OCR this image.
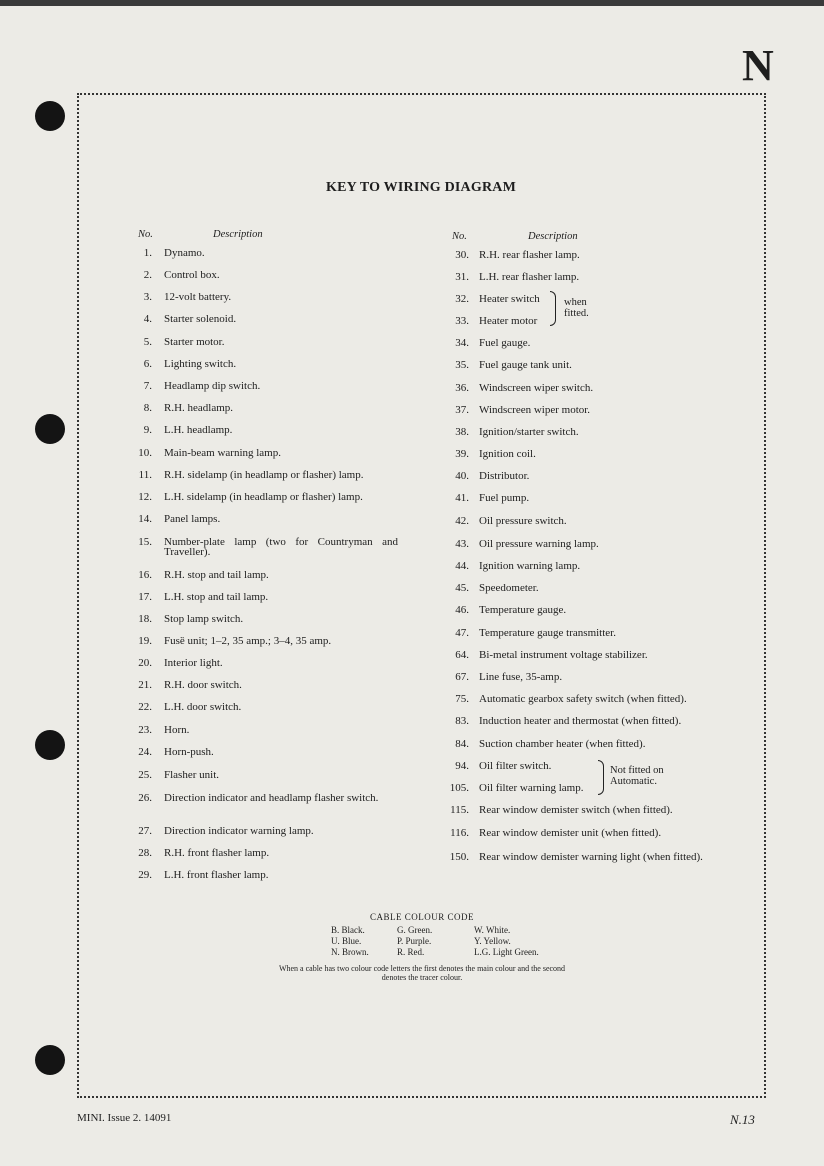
N
KEY TO WIRING DIAGRAM
No.	Description	No.	Description
1. Dynamo.
2. Control box.
3. 12-volt battery.
4. Starter solenoid.
5. Starter motor.
6. Lighting switch.
7. Headlamp dip switch.
8. R.H. headlamp.
9. L.H. headlamp.
10. Main-beam warning lamp.
11. R.H. sidelamp (in headlamp or flasher) lamp.
12. L.H. sidelamp (in headlamp or flasher) lamp.
14. Panel lamps.
15. Number-plate lamp (two for Countryman and Traveller).
16. R.H. stop and tail lamp.
17. L.H. stop and tail lamp.
18. Stop lamp switch.
19. Fusȅ unit; 1–2, 35 amp.; 3–4, 35 amp.
20. Interior light.
21. R.H. door switch.
22. L.H. door switch.
23. Horn.
24. Horn-push.
25. Flasher unit.
26. Direction indicator and headlamp flasher switch.
27. Direction indicator warning lamp.
28. R.H. front flasher lamp.
29. L.H. front flasher lamp.
30. R.H. rear flasher lamp.
31. L.H. rear flasher lamp.
32. Heater switch
33. Heater motor
34. Fuel gauge.
35. Fuel gauge tank unit.
36. Windscreen wiper switch.
37. Windscreen wiper motor.
38. Ignition/starter switch.
39. Ignition coil.
40. Distributor.
41. Fuel pump.
42. Oil pressure switch.
43. Oil pressure warning lamp.
44. Ignition warning lamp.
45. Speedometer.
46. Temperature gauge.
47. Temperature gauge transmitter.
64. Bi-metal instrument voltage stabilizer.
67. Line fuse, 35-amp.
75. Automatic gearbox safety switch (when fitted).
83. Induction heater and thermostat (when fitted).
84. Suction chamber heater (when fitted).
94. Oil filter switch.
105. Oil filter warning lamp.
115. Rear window demister switch (when fitted).
116. Rear window demister unit (when fitted).
150. Rear window demister warning light (when fitted).
when fitted.
Not fitted on Automatic.
CABLE COLOUR CODE
B. Black.	G. Green.	W. White.
U. Blue.	P. Purple.	Y. Yellow.
N. Brown.	R. Red.	L.G. Light Green.
When a cable has two colour code letters the first denotes the main colour and the second denotes the tracer colour.
MINI. Issue 2. 14091	N.13
